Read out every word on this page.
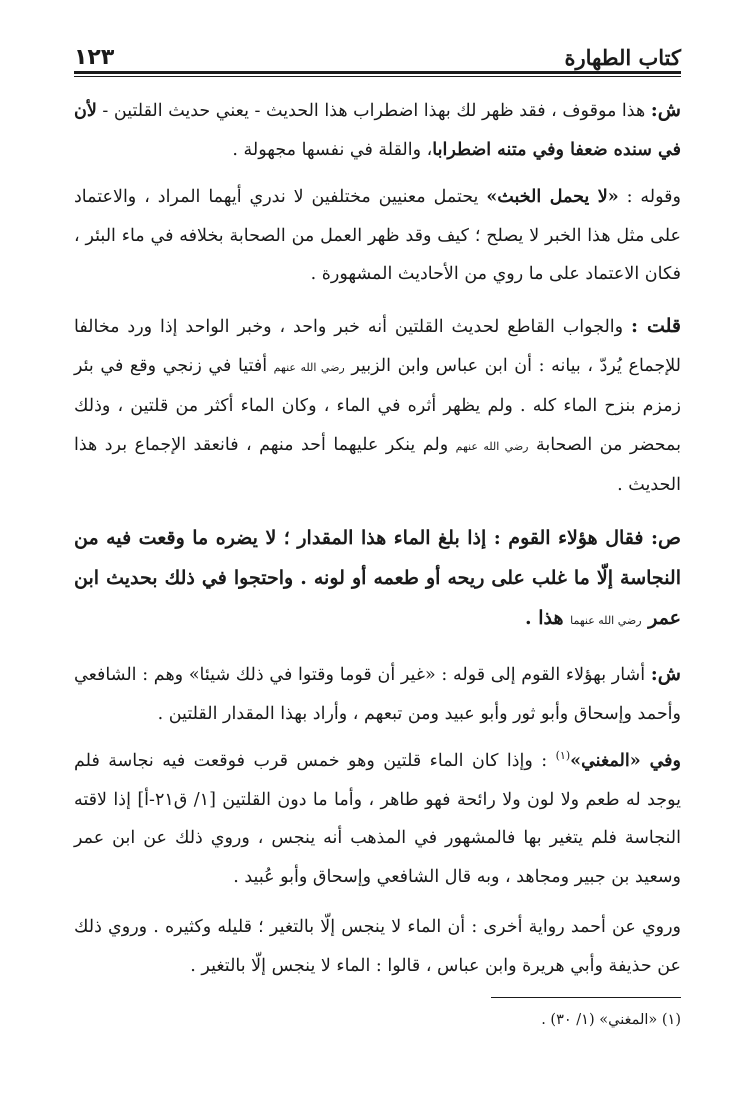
كتاب الطهارة
١٢٣
ش: هذا موقوف ، فقد ظهر لك بهذا اضطراب هذا الحديث - يعني حديث القلتين - لأن في سنده ضعفا وفي متنه اضطرابا، والقلة في نفسها مجهولة .
وقوله : «لا يحمل الخبث» يحتمل معنيين مختلفين لا ندري أيهما المراد ، والاعتماد على مثل هذا الخبر لا يصلح ؛ كيف وقد ظهر العمل من الصحابة بخلافه في ماء البئر ، فكان الاعتماد على ما روي من الأحاديث المشهورة .
قلت : والجواب القاطع لحديث القلتين أنه خبر واحد ، وخبر الواحد إذا ورد مخالفا للإجماع يُردّ ، بيانه : أن ابن عباس وابن الزبير رضي الله عنهم أفتيا في زنجي وقع في بئر زمزم بنزح الماء كله . ولم يظهر أثره في الماء ، وكان الماء أكثر من قلتين ، وذلك بمحضر من الصحابة رضي الله عنهم ولم ينكر عليهما أحد منهم ، فانعقد الإجماع برد هذا الحديث .
ص: فقال هؤلاء القوم : إذا بلغ الماء هذا المقدار ؛ لا يضره ما وقعت فيه من النجاسة إلّا ما غلب على ريحه أو طعمه أو لونه . واحتجوا في ذلك بحديث ابن عمر رضي الله عنهما هذا .
ش: أشار بهؤلاء القوم إلى قوله : «غير أن قوما وقتوا في ذلك شيئا» وهم : الشافعي وأحمد وإسحاق وأبو ثور وأبو عبيد ومن تبعهم ، وأراد بهذا المقدار القلتين .
وفي «المغني»$^{(١)}$ : وإذا كان الماء قلتين وهو خمس قرب فوقعت فيه نجاسة فلم يوجد له طعم ولا لون ولا رائحة فهو طاهر ، وأما ما دون القلتين [١/ ق٢١-أ] إذا لاقته النجاسة فلم يتغير بها فالمشهور في المذهب أنه ينجس ، وروي ذلك عن ابن عمر وسعيد بن جبير ومجاهد ، وبه قال الشافعي وإسحاق وأبو عُبيد .
وروي عن أحمد رواية أخرى : أن الماء لا ينجس إلّا بالتغير ؛ قليله وكثيره . وروي ذلك عن حذيفة وأبي هريرة وابن عباس ، قالوا : الماء لا ينجس إلّا بالتغير .
(١) «المغني» (١/ ٣٠) .
